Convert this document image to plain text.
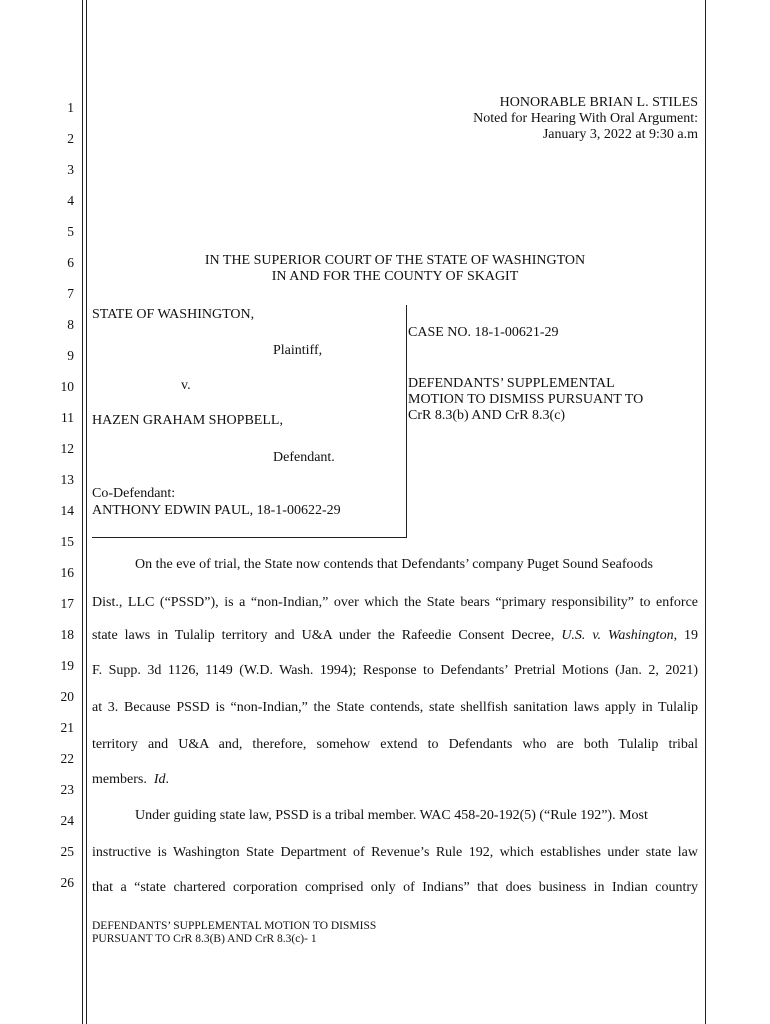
1
2
3
4
5
6
7
8
9
10
11
12
13
14
15
16
17
18
19
20
21
22
23
24
25
26
HONORABLE BRIAN L. STILES
Noted for Hearing With Oral Argument:
January 3, 2022 at 9:30 a.m
IN THE SUPERIOR COURT OF THE STATE OF WASHINGTON
IN AND FOR THE COUNTY OF SKAGIT
STATE OF WASHINGTON,
Plaintiff,
v.
HAZEN GRAHAM SHOPBELL,
Defendant.
Co-Defendant:
ANTHONY EDWIN PAUL, 18-1-00622-29
CASE NO. 18-1-00621-29
DEFENDANTS’ SUPPLEMENTAL
MOTION TO DISMISS PURSUANT TO
CrR 8.3(b) AND CrR 8.3(c)
On the eve of trial, the State now contends that Defendants’ company Puget Sound Seafoods
Dist., LLC (“PSSD”), is a “non-Indian,” over which the State bears “primary responsibility” to enforce
state laws in Tulalip territory and U&A under the Rafeedie Consent Decree, U.S. v. Washington, 19
F. Supp. 3d 1126, 1149 (W.D. Wash. 1994); Response to Defendants’ Pretrial Motions (Jan. 2, 2021)
at 3. Because PSSD is “non-Indian,” the State contends, state shellfish sanitation laws apply in Tulalip
territory and U&A and, therefore, somehow extend to Defendants who are both Tulalip tribal
members. Id.
Under guiding state law, PSSD is a tribal member. WAC 458-20-192(5) (“Rule 192”). Most
instructive is Washington State Department of Revenue’s Rule 192, which establishes under state law
that a “state chartered corporation comprised only of Indians” that does business in Indian country
DEFENDANTS’ SUPPLEMENTAL MOTION TO DISMISS
PURSUANT TO CrR 8.3(B) AND CrR 8.3(c)- 1
